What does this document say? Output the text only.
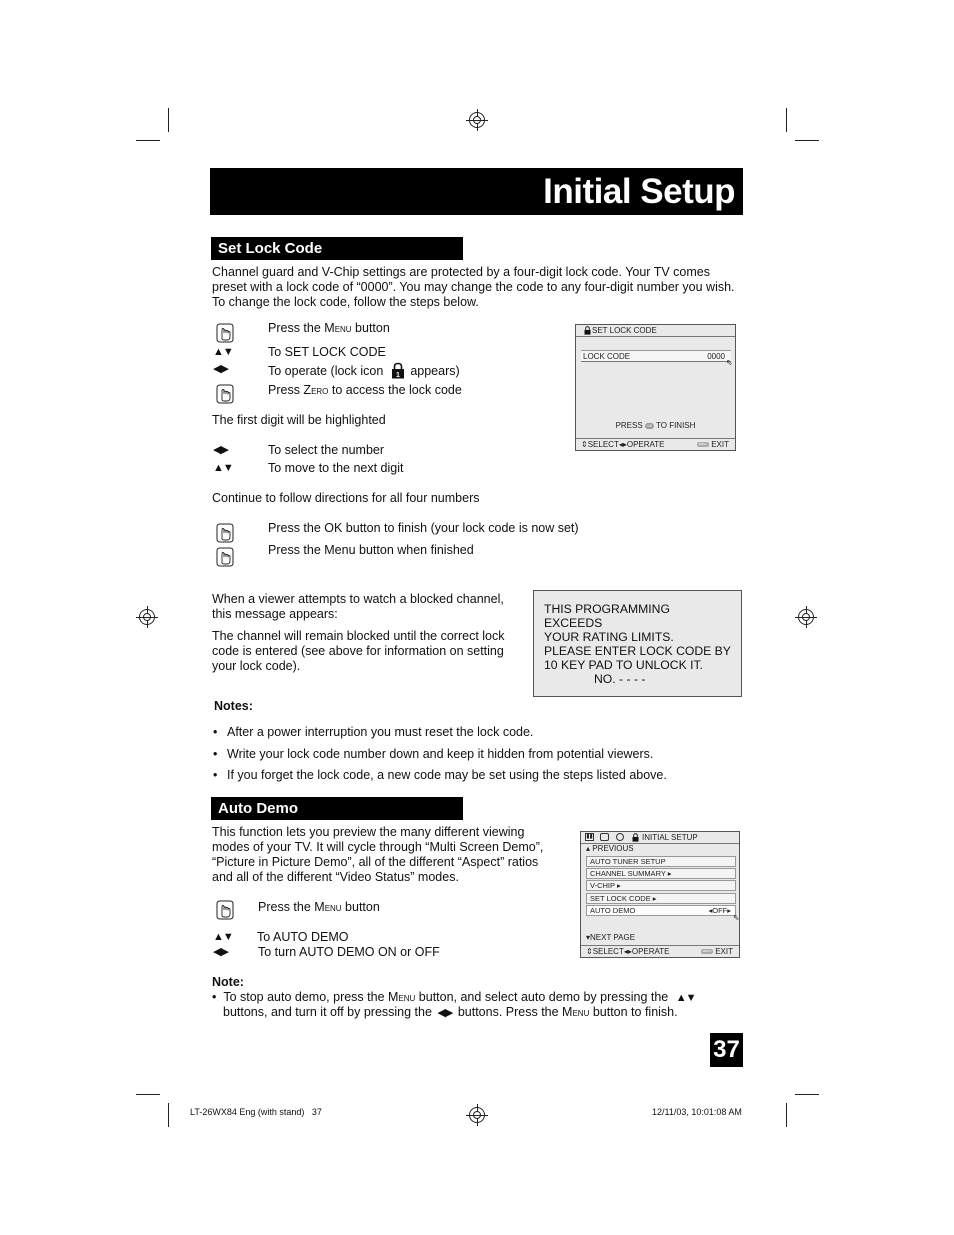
Initial Setup
Set Lock Code
Channel guard and V-Chip settings are protected by a four-digit lock code. Your TV comes
preset with a lock code of “0000”. You may change the code to any four-digit number you wish.
To change the lock code, follow the steps below.
Press the Menu button
▲▼	To SET LOCK CODE
◀▶	To operate (lock icon 1 appears)
Press Zero to access the lock code
The first digit will be highlighted
◀▶	To select the number
▲▼	To move to the next digit
Continue to follow directions for all four numbers
Press the OK button to finish (your lock code is now set)
Press the Menu button when finished
SET LOCK CODE
LOCK CODE	0000
⇖
PRESS OK TO FINISH
⇕SELECT◂▸OPERATE	MENU EXIT
When a viewer attempts to watch a blocked channel,
this message appears:
The channel will remain blocked until the correct lock
code is entered (see above for information on setting
your lock code).
THIS PROGRAMMING EXCEEDS
YOUR RATING LIMITS.
PLEASE ENTER LOCK CODE BY
10 KEY PAD TO UNLOCK IT.
NO. - - - -
Notes:
• After a power interruption you must reset the lock code.
• Write your lock code number down and keep it hidden from potential viewers.
• If you forget the lock code, a new code may be set using the steps listed above.
Auto Demo
This function lets you preview the many different viewing
modes of your TV. It will cycle through “Multi Screen Demo”,
“Picture in Picture Demo”, all of the different “Aspect” ratios
and all of the different “Video Status” modes.
Press the Menu button
▲▼ To AUTO DEMO
◀▶ To turn AUTO DEMO ON or OFF
▮▮	INITIAL SETUP
▴ PREVIOUS
AUTO TUNER SETUP
CHANNEL SUMMARY ▸
V-CHIP ▸
SET LOCK CODE ▸
AUTO DEMO	◂OFF▸
⇖
▾NEXT PAGE
⇕SELECT◂▸OPERATE	MENU EXIT
Note:
•  To stop auto demo, press the Menu button, and select auto demo by pressing the ▲▼
buttons, and turn it off by pressing the ◀▶ buttons. Press the Menu button to finish.
37
LT-26WX84 Eng (with stand)   37	12/11/03, 10:01:08 AM
